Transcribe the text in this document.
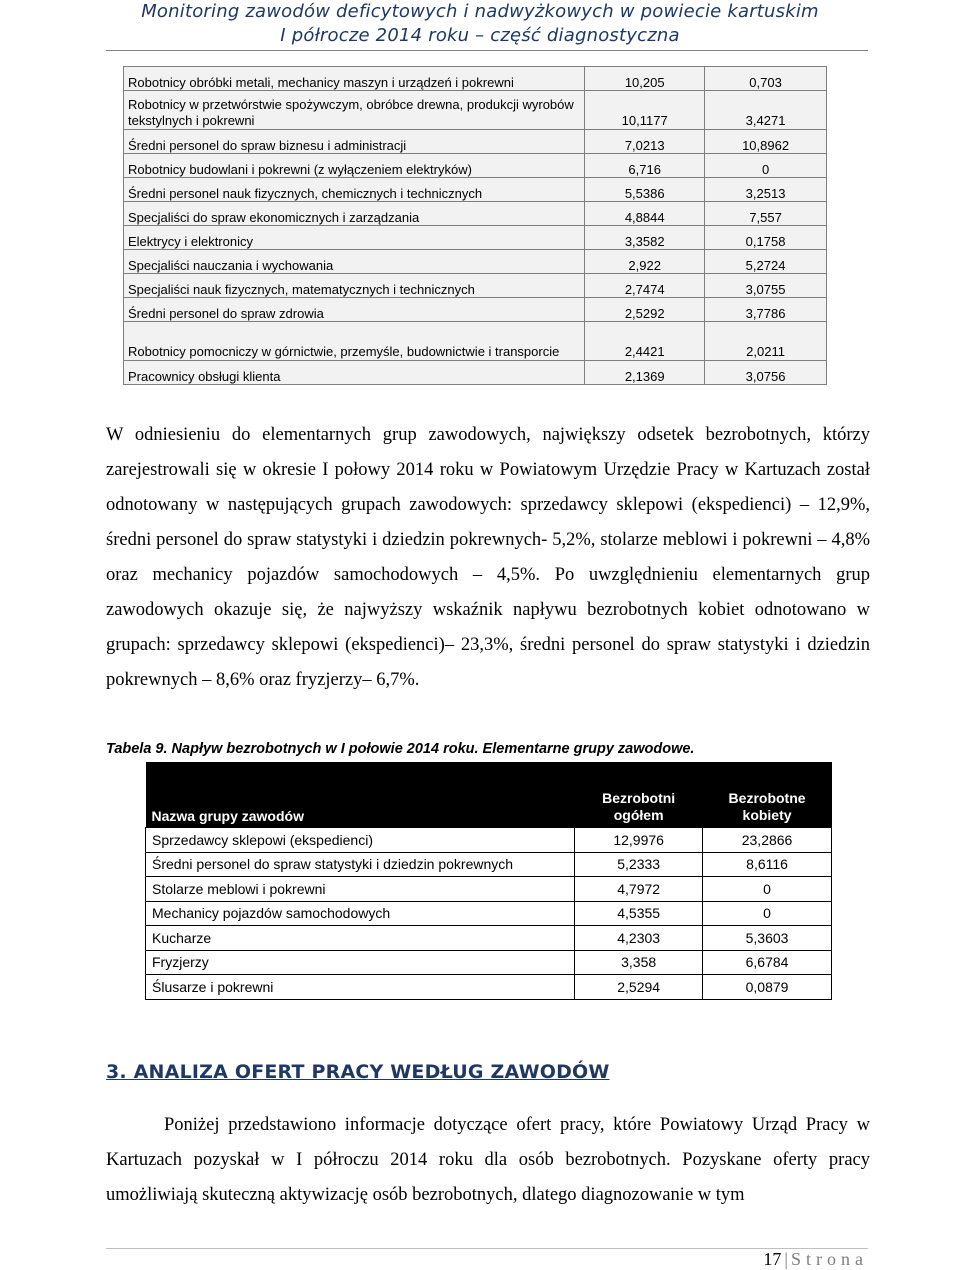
Monitoring zawodów deficytowych i nadwyżkowych w powiecie kartuskim
I półrocze 2014 roku – część diagnostyczna
Robotnicy obróbki metali, mechanicy maszyn i urządzeń i pokrewni	10,205	0,703
Robotnicy w przetwórstwie spożywczym, obróbce drewna, produkcji wyrobów tekstylnych i pokrewni	10,1177	3,4271
Średni personel do spraw biznesu i administracji	7,0213	10,8962
Robotnicy budowlani i pokrewni (z wyłączeniem elektryków)	6,716	0
Średni personel nauk fizycznych, chemicznych i technicznych	5,5386	3,2513
Specjaliści do spraw ekonomicznych i zarządzania	4,8844	7,557
Elektrycy i elektronicy	3,3582	0,1758
Specjaliści nauczania i wychowania	2,922	5,2724
Specjaliści nauk fizycznych, matematycznych i technicznych	2,7474	3,0755
Średni personel do spraw zdrowia	2,5292	3,7786
Robotnicy pomocniczy w górnictwie, przemyśle, budownictwie i transporcie	2,4421	2,0211
Pracownicy obsługi klienta	2,1369	3,0756

W odniesieniu do elementarnych grup zawodowych, największy odsetek bezrobotnych, którzy zarejestrowali się w okresie I połowy 2014 roku w Powiatowym Urzędzie Pracy w Kartuzach został odnotowany w następujących grupach zawodowych: sprzedawcy sklepowi (ekspedienci) – 12,9%, średni personel do spraw statystyki i dziedzin pokrewnych- 5,2%, stolarze meblowi i pokrewni – 4,8% oraz mechanicy pojazdów samochodowych – 4,5%. Po uwzględnieniu elementarnych grup zawodowych okazuje się, że najwyższy wskaźnik napływu bezrobotnych kobiet odnotowano w grupach: sprzedawcy sklepowi (ekspedienci)– 23,3%, średni personel do spraw statystyki i dziedzin pokrewnych – 8,6% oraz fryzjerzy– 6,7%.

Tabela 9. Napływ bezrobotnych w I połowie 2014 roku. Elementarne grupy zawodowe.

Nazwa grupy zawodów	Bezrobotni ogółem	Bezrobotne kobiety
Sprzedawcy sklepowi (ekspedienci)	12,9976	23,2866
Średni personel do spraw statystyki i dziedzin pokrewnych	5,2333	8,6116
Stolarze meblowi i pokrewni	4,7972	0
Mechanicy pojazdów samochodowych	4,5355	0
Kucharze	4,2303	5,3603
Fryzjerzy	3,358	6,6784
Ślusarze i pokrewni	2,5294	0,0879
3. ANALIZA OFERT PRACY WEDŁUG ZAWODÓW

Poniżej przedstawiono informacje dotyczące ofert pracy, które Powiatowy Urząd Pracy w Kartuzach pozyskał w I półroczu 2014 roku dla osób bezrobotnych. Pozyskane oferty pracy umożliwiają skuteczną aktywizację osób bezrobotnych, dlatego diagnozowanie w tym

17 | Strona
